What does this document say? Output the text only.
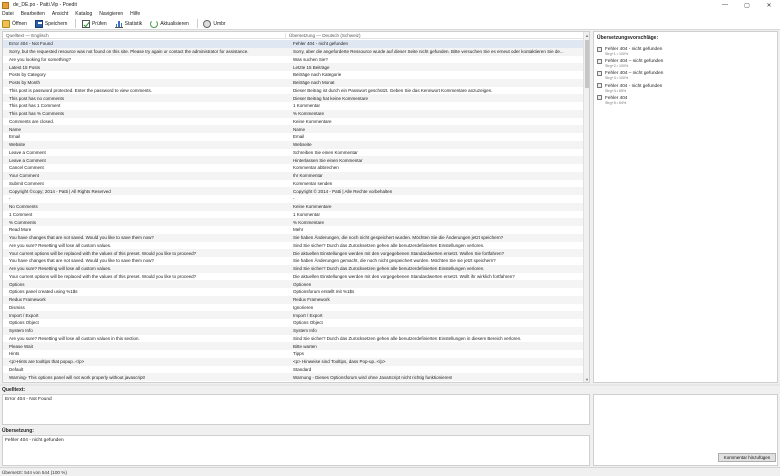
de_DE.po - Patti.Vip - Poedit	—	▢	✕
Datei Bearbeiten Ansicht Katalog Navigieren Hilfe
Öffnen	Speichern	Prüfen	Statistik	Aktualisieren	Umbr
Quelltext — Englisch	Übersetzung — Deutsch (Schweiz)
Error 404 - Not Found	Fehler 404 - nicht gefunden
Sorry, but the requested resource was not found on this site. Please try again or contact the administrator for assistance.	Sorry, aber die angeforderte Ressource wurde auf dieser Seite nicht gefunden. Bitte versuchen Sie es erneut oder kontaktieren Sie de...
Are you looking for something?	Was suchen Sie?
Latest 15 Posts	Letzte 15 Beiträge
Posts by Category	Beiträge nach Kategorie
Posts by Month	Beiträge nach Monat
This post is password protected. Enter the password to view comments.	Dieser Beitrag ist durch ein Passwort geschützt. Geben Sie das Kennwort Kommentare anzuzeigen.
This post has no comments	Dieser Beitrag hat keine Kommentare
This post has 1 Comment	1 Kommentar
This post has % Comments	% Kommentare
Comments are closed.	Keine Kommentare
Name	Name
Email	Email
Website	Webseite
Leave a Comment	Schreiben Sie einen Kommentar
Leave a Comment	Hinterlassen Sie einen Kommentar
Cancel Comment	Kommentar abbrechen
Your Comment	Ihr Kommentar
Submit Comment	Kommentar senden
Copyright ©copy; 2014 - Patti | All Rights Reserved	Copyright © 2014 - Patti | Alle Rechte vorbehalten
-	-
No Comments	Keine Kommentare
1 Comment	1 Kommentar
% Comments	% Kommentare
Read More	Mehr
You have changes that are not saved. Would you like to save them now?	Sie haben Änderungen, die noch nicht gespeichert wurden. Möchten Sie die Änderungen jetzt speichern?
Are you sure? Resetting will lose all custom values.	Sind Sie sicher? Durch das Zurücksetzen gehen alle benutzerdefinierten Einstellungen verloren.
Your current options will be replaced with the values of this preset. Would you like to proceed?	Die aktuellen Einstellungen werden mit den vorgegebenen Standardwerten ersetzt. Wollen Sie fortfahren?
You have changes that are not saved. Would you like to save them now?	Sie haben Änderungen gemacht, die noch nicht gespeichert wurden. Möchten Sie sie jetzt speichern?
Are you sure? Resetting will lose all custom values.	Sind Sie sicher? Durch das Zurücksetzen gehen alle benutzerdefinierten Einstellungen verloren.
Your current options will be replaced with the values of this preset. Would you like to proceed?	Die aktuellen Einstellungen werden mit den vorgegebenen Standardwerten ersetzt. Wollt ihr wirklich fortfahren?
Options	Optionen
Options panel created using %1$s	Optionsforum erstellt mit %1$s
Redux Framework	Redux Framework
Dismiss	Ignorieren
Import / Export	Import / Export
Options Object	Options Object
System Info	System Info
Are you sure? Resetting will lose all custom values in this section.	Sind Sie sicher? Durch das Zurücksetzen gehen alle benutzerdefinierten Einstellungen in diesem Bereich verloren.
Please Wait	Bitte warten
Hints	Tipps
<p>Hints are tooltips that popup..</p>	<p> Hinweise sind Tooltips, dass Pop-up..</p>
Default	Standard
Warning- This options panel will not work properly without javascript!	Warnung - Dieses Optionsforum wird ohne JavaScript nicht richtig funktionieren!
▲
▼
Übersetzungsvorschläge:
Fehler 404 - nicht gefunden
Strg+1 • 100%
Fehler 404 – nicht gefunden
Strg+2 • 100%
Fehler 404 – nicht gefunden
Strg+3 • 100%
Fehler 404 - nicht gefunden
Strg+4 • 65%
Fehler 404
Strg+5 • 64%
Quelltext:
Error 404 - Not Found
Übersetzung:
Fehler 404 - nicht gefunden
Kommentar hinzufügen
Übersetzt: 544 von 544 (100 %)
